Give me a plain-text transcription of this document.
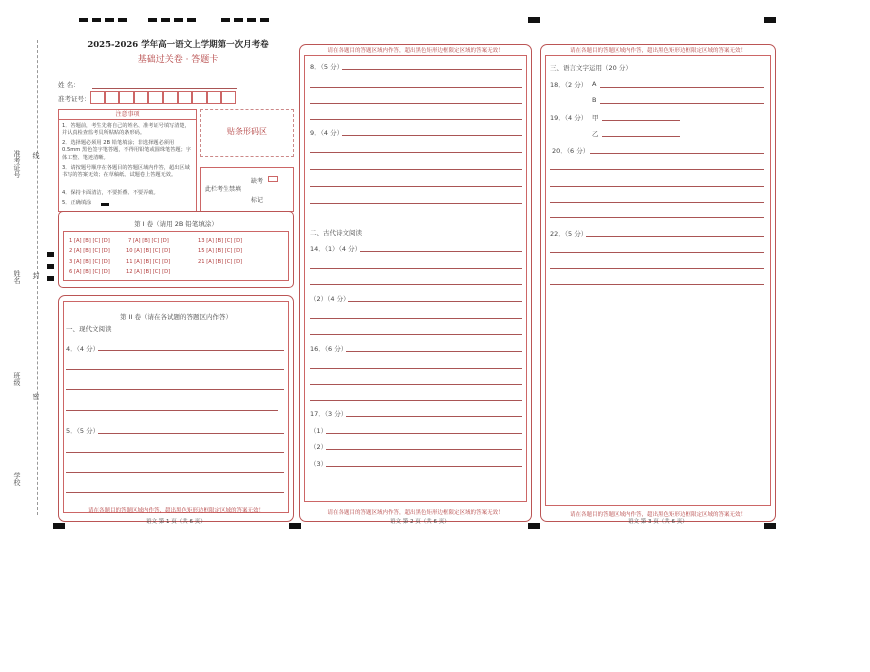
准考证号 线
姓名 封
班级
密
学校
2025-2026 学年高一语文上学期第一次月考卷
基础过关卷 · 答题卡
姓 名：
准考证号：
注意事项
1．答题前，考生先将自己的姓名、准考证号填写清楚，并认真检查监考员所粘贴的条形码。
2．选择题必须用 2B 铅笔填涂；非选择题必须用 0.5mm 黑色签字笔答题，不得用铅笔或圆珠笔答题；字体工整、笔迹清晰。
3．请按题号顺序在各题目的答题区域内作答，超出区域书写的答案无效；在草稿纸、试题卷上答题无效。
4．保持卡面清洁，不要折叠、不要弄破。
5．正确填涂
贴条形码区
此栏考生禁填
缺考
标记
第 I 卷（请用 2B 铅笔填涂）
1 [A] [B] [C] [D]	7 [A] [B] [C] [D]	13 [A] [B] [C] [D]
2 [A] [B] [C] [D]	10 [A] [B] [C] [D]	15 [A] [B] [C] [D]
3 [A] [B] [C] [D]	11 [A] [B] [C] [D]	21 [A] [B] [C] [D]
6 [A] [B] [C] [D]	12 [A] [B] [C] [D]
第 II 卷（请在各试题的答题区内作答）
一、现代文阅读
4．（4 分）
5．（5 分）
请在各题目的答题区域内作答，超出黑色矩形边框限定区域的答案无效！
语文 第 1 页（共 6 页）
请在各题目的答题区域内作答，超出黑色矩形边框限定区域的答案无效！
8．（5 分）
9．（4 分）
二、古代诗文阅读
14．（1）（4 分）
（2）（4 分）
16．（6 分）
17．（3 分）
（1）
（2）
（3）
请在各题目的答题区域内作答，超出黑色矩形边框限定区域的答案无效！
语文 第 2 页（共 6 页）
请在各题目的答题区域内作答，超出黑色矩形边框限定区域的答案无效！
三、语言文字运用（20 分）
18．（2 分） A
B
19．（4 分） 甲
乙
20．（6 分）
22．（5 分）
请在各题目的答题区域内作答，超出黑色矩形边框限定区域的答案无效！
语文 第 3 页（共 6 页）
